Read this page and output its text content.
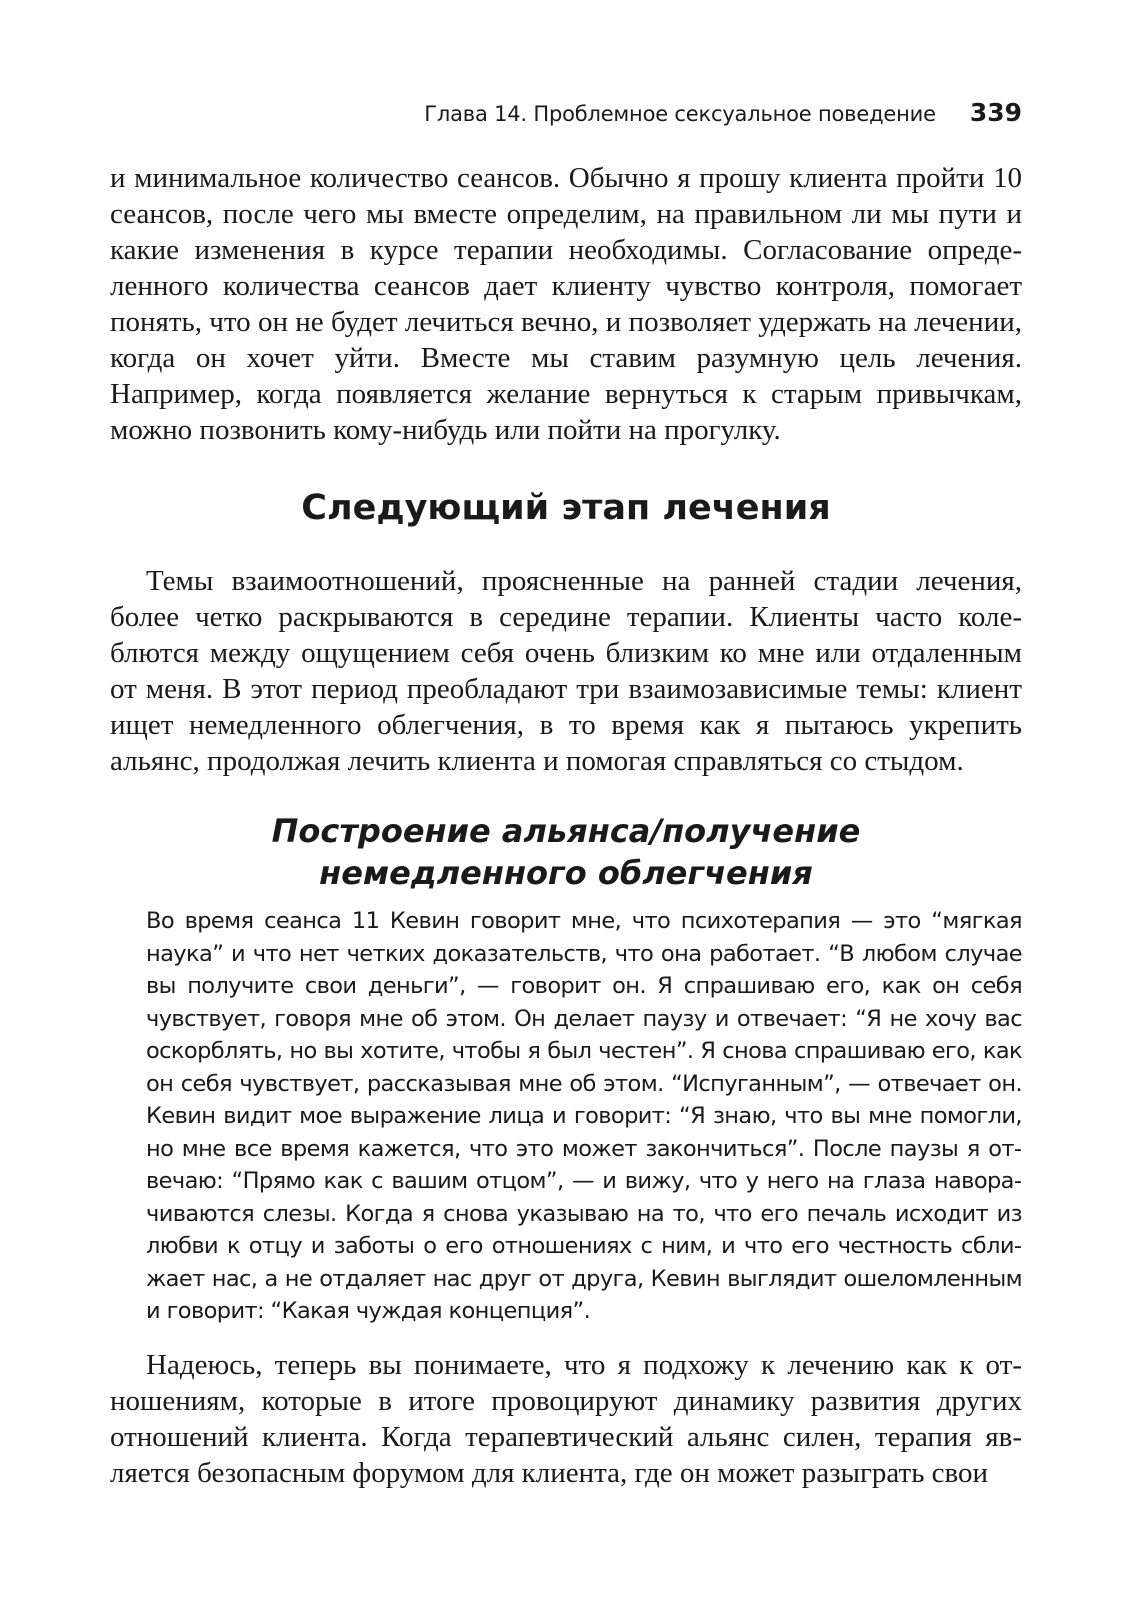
Глава 14. Проблемное сексуальное поведение 339

и минимальное количество сеансов. Обычно я прошу клиента пройти 10 сеансов, после чего мы вместе определим, на правильном ли мы пути и какие изменения в курсе терапии необходимы. Согласование определенного количества сеансов дает клиенту чувство контроля, помогает понять, что он не будет лечиться вечно, и позволяет удержать на лечении, когда он хочет уйти. Вместе мы ставим разумную цель лечения. Например, когда появляется желание вернуться к старым привычкам, можно позвонить кому-нибудь или пойти на прогулку.

Следующий этап лечения

Темы взаимоотношений, проясненные на ранней стадии лечения, более четко раскрываются в середине терапии. Клиенты часто колеблются между ощущением себя очень близким ко мне или отдаленным от меня. В этот период преобладают три взаимозависимые темы: клиент ищет немедленного облегчения, в то время как я пытаюсь укрепить альянс, продолжая лечить клиента и помогая справляться со стыдом.

Построение альянса/получение
немедленного облегчения

Во время сеанса 11 Кевин говорит мне, что психотерапия — это “мягкая наука” и что нет четких доказательств, что она работает. “В любом случае вы получите свои деньги”, — говорит он. Я спрашиваю его, как он себя чувствует, говоря мне об этом. Он делает паузу и отвечает: “Я не хочу вас оскорблять, но вы хотите, чтобы я был честен”. Я снова спрашиваю его, как он себя чувствует, рассказывая мне об этом. “Испуганным”, — отвечает он. Кевин видит мое выражение лица и говорит: “Я знаю, что вы мне помогли, но мне все время кажется, что это может закончиться”. После паузы я отвечаю: “Прямо как с вашим отцом”, — и вижу, что у него на глаза наворачиваются слезы. Когда я снова указываю на то, что его печаль исходит из любви к отцу и заботы о его отношениях с ним, и что его честность сближает нас, а не отдаляет нас друг от друга, Кевин выглядит ошеломленным и говорит: “Какая чуждая концепция”.

Надеюсь, теперь вы понимаете, что я подхожу к лечению как к отношениям, которые в итоге провоцируют динамику развития других отношений клиента. Когда терапевтический альянс силен, терапия является безопасным форумом для клиента, где он может разыграть свои
